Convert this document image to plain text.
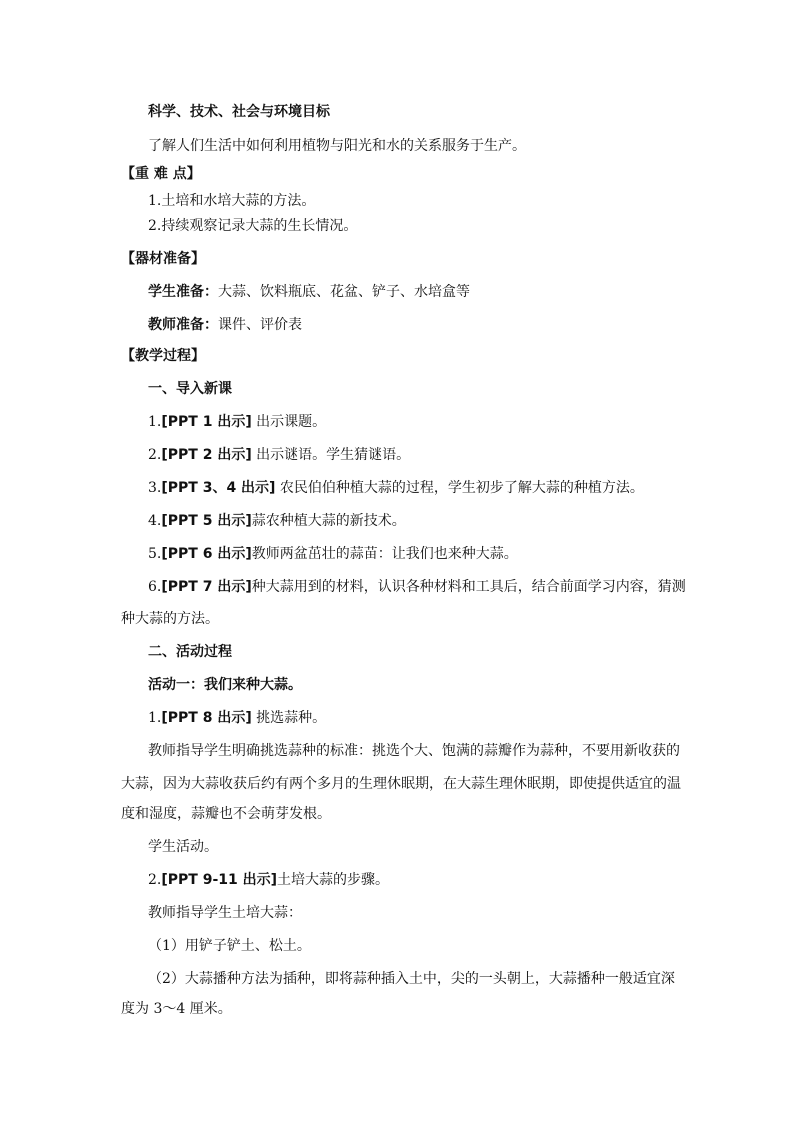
科学、技术、社会与环境目标
了解人们生活中如何利用植物与阳光和水的关系服务于生产。
【重 难 点】
1.土培和水培大蒜的方法。
2.持续观察记录大蒜的生长情况。
【器材准备】
学生准备：大蒜、饮料瓶底、花盆、铲子、水培盒等
教师准备：课件、评价表
【教学过程】
一、导入新课
1.[PPT 1 出示] 出示课题。
2.[PPT 2 出示] 出示谜语。学生猜谜语。
3.[PPT 3、4 出示] 农民伯伯种植大蒜的过程，学生初步了解大蒜的种植方法。
4.[PPT 5 出示]蒜农种植大蒜的新技术。
5.[PPT 6 出示]教师两盆茁壮的蒜苗：让我们也来种大蒜。
6.[PPT 7 出示]种大蒜用到的材料，认识各种材料和工具后，结合前面学习内容，猜测
种大蒜的方法。
二、活动过程
活动一：我们来种大蒜。
1.[PPT 8 出示] 挑选蒜种。
教师指导学生明确挑选蒜种的标准：挑选个大、饱满的蒜瓣作为蒜种，不要用新收获的
大蒜，因为大蒜收获后约有两个多月的生理休眠期，在大蒜生理休眠期，即使提供适宜的温
度和湿度，蒜瓣也不会萌芽发根。
学生活动。
2.[PPT 9-11 出示]土培大蒜的步骤。
教师指导学生土培大蒜：
（1）用铲子铲土、松土。
（2）大蒜播种方法为插种，即将蒜种插入土中，尖的一头朝上，大蒜播种一般适宜深
度为 3～4 厘米。
